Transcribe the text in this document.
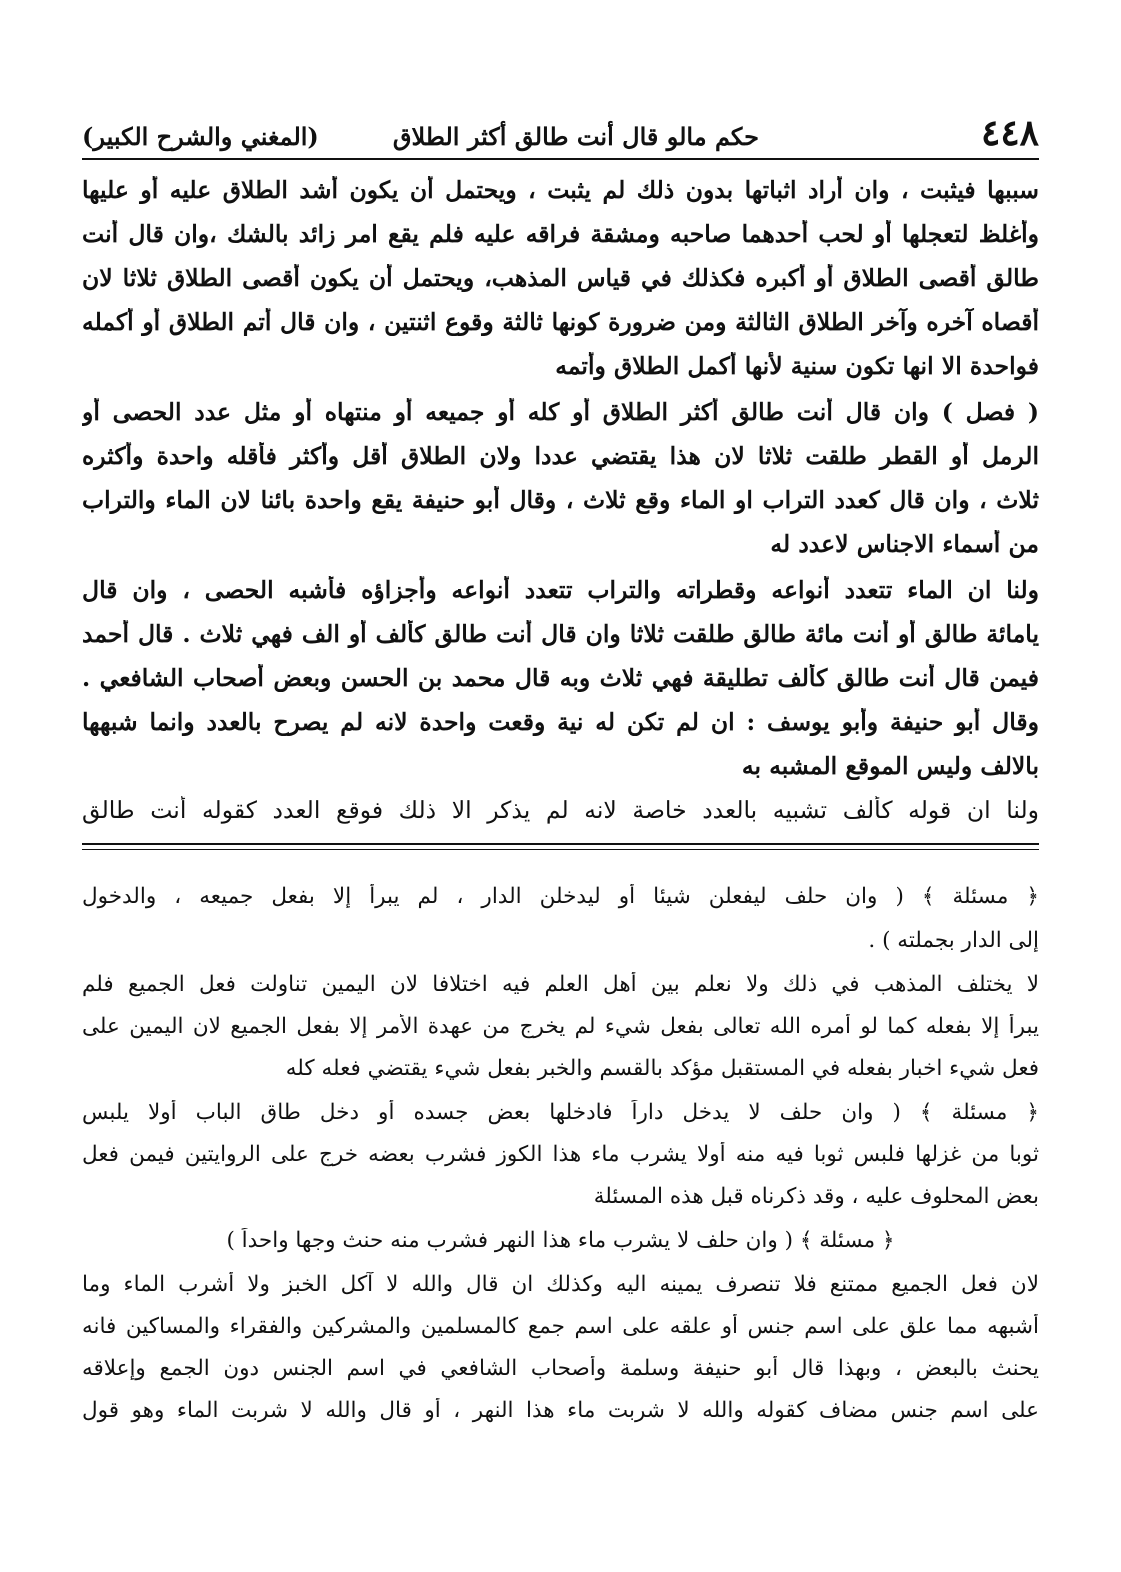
٤٤٨
حكم مالو قال أنت طالق أكثر الطلاق
(المغني والشرح الكبير)
سببها فيثبت ، وان أراد اثباتها بدون ذلك لم يثبت ، ويحتمل أن يكون أشد الطلاق عليه أو عليها
وأغلظ لتعجلها أو لحب أحدهما صاحبه ومشقة فراقه عليه فلم يقع امر زائد بالشك ،وان قال أنت
طالق أقصى الطلاق أو أكبره فكذلك في قياس المذهب، ويحتمل أن يكون أقصى الطلاق ثلاثا لان
أقصاه آخره وآخر الطلاق الثالثة ومن ضرورة كونها ثالثة وقوع اثنتين ، وان قال أتم الطلاق أو أكمله
فواحدة الا انها تكون سنية لأنها أكمل الطلاق وأتمه
( فصل ) وان قال أنت طالق أكثر الطلاق أو كله أو جميعه أو منتهاه أو مثل عدد الحصى أو
الرمل أو القطر طلقت ثلاثا لان هذا يقتضي عددا ولان الطلاق أقل وأكثر فأقله واحدة وأكثره
ثلاث ، وان قال كعدد التراب او الماء وقع ثلاث ، وقال أبو حنيفة يقع واحدة بائنا لان الماء والتراب
من أسماء الاجناس لاعدد له
ولنا ان الماء تتعدد أنواعه وقطراته والتراب تتعدد أنواعه وأجزاؤه فأشبه الحصى ، وان قال
يامائة طالق أو أنت مائة طالق طلقت ثلاثا وان قال أنت طالق كألف أو الف فهي ثلاث . قال أحمد
فيمن قال أنت طالق كألف تطليقة فهي ثلاث وبه قال محمد بن الحسن وبعض أصحاب الشافعي .
وقال أبو حنيفة وأبو يوسف : ان لم تكن له نية وقعت واحدة لانه لم يصرح بالعدد وانما شبهها
بالالف وليس الموقع المشبه به
ولنا ان قوله كألف تشبيه بالعدد خاصة لانه لم يذكر الا ذلك فوقع العدد كقوله أنت طالق
﴿ مسئلة ﴾ ( وان حلف ليفعلن شيئا أو ليدخلن الدار ، لم يبرأ إلا بفعل جميعه ، والدخول
إلى الدار بجملته ) .
لا يختلف المذهب في ذلك ولا نعلم بين أهل العلم فيه اختلافا لان اليمين تناولت فعل الجميع فلم
يبرأ إلا بفعله كما لو أمره الله تعالى بفعل شيء لم يخرج من عهدة الأمر إلا بفعل الجميع لان اليمين على
فعل شيء اخبار بفعله في المستقبل مؤكد بالقسم والخبر بفعل شيء يقتضي فعله كله
﴿ مسئلة ﴾ ( وان حلف لا يدخل داراً فادخلها بعض جسده أو دخل طاق الباب أولا يلبس
ثوبا من غزلها فلبس ثوبا فيه منه أولا يشرب ماء هذا الكوز فشرب بعضه خرج على الروايتين فيمن فعل
بعض المحلوف عليه ، وقد ذكرناه قبل هذه المسئلة
﴿ مسئلة ﴾ ( وان حلف لا يشرب ماء هذا النهر فشرب منه حنث وجها واحداً )
لان فعل الجميع ممتنع فلا تنصرف يمينه اليه وكذلك ان قال والله لا آكل الخبز ولا أشرب الماء وما
أشبهه مما علق على اسم جنس أو علقه على اسم جمع كالمسلمين والمشركين والفقراء والمساكين فانه
يحنث بالبعض ، وبهذا قال أبو حنيفة وسلمة وأصحاب الشافعي في اسم الجنس دون الجمع وإعلاقه
على اسم جنس مضاف كقوله والله لا شربت ماء هذا النهر ، أو قال والله لا شربت الماء وهو قول
